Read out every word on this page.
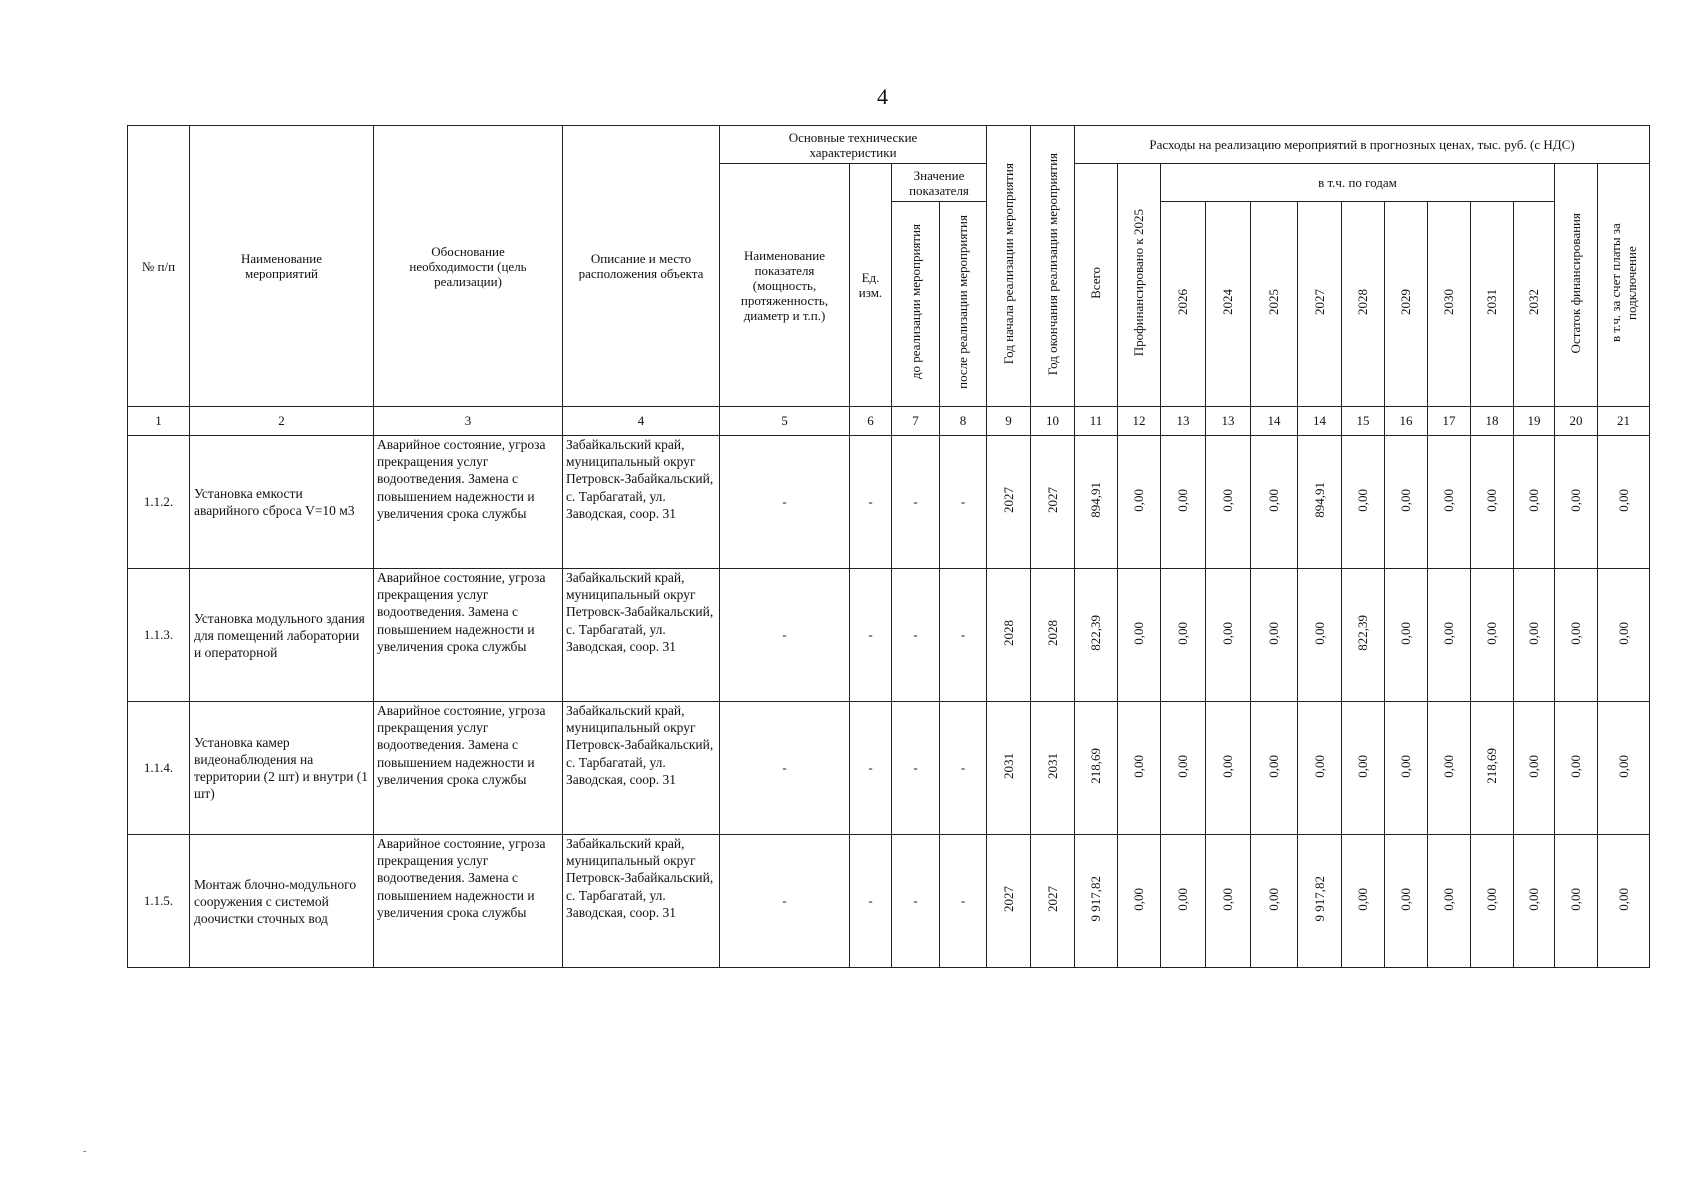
4
№ п/п	Наименование мероприятий	Обоснование необходимости (цель реализации)	Описание и место расположения объекта	Основные технические характеристики				Год начала реализации мероприятия	Год окончания реализации мероприятия	Расходы на реализацию мероприятий в прогнозных ценах, тыс. руб. (с НДС)												
				Наименование показателя (мощность, протяженность, диаметр и т.п.)	Ед. изм.	Значение показателя				Всего	Профинансировано к 2025	в т.ч. по годам									Остаток финансирования	в т.ч. за счет платы за подключение
						до реализации мероприятия	после реализации мероприятия															
												2026	2024	2025	2027	2028	2029	2030	2031	2032		
1	2	3	4	5	6	7	8	9	10	11	12	13	13	14	14	15	16	17	18	19	20	21
1.1.2.	Установка емкости аварийного сброса V=10 м3	Аварийное состояние, угроза прекращения услуг водоотведения. Замена с повышением надежности и увеличения срока службы	Забайкальский край, муниципальный округ Петровск-Забайкальский, с. Тарбагатай, ул. Заводская, соор. 31	-	-	-	-	2027	2027	894,91	0,00	0,00	0,00	0,00	894,91	0,00	0,00	0,00	0,00	0,00	0,00	0,00
1.1.3.	Установка модульного здания для помещений лаборатории и операторной	Аварийное состояние, угроза прекращения услуг водоотведения. Замена с повышением надежности и увеличения срока службы	Забайкальский край, муниципальный округ Петровск-Забайкальский, с. Тарбагатай, ул. Заводская, соор. 31	-	-	-	-	2028	2028	822,39	0,00	0,00	0,00	0,00	0,00	822,39	0,00	0,00	0,00	0,00	0,00	0,00
1.1.4.	Установка камер видеонаблюдения на территории (2 шт) и внутри (1 шт)	Аварийное состояние, угроза прекращения услуг водоотведения. Замена с повышением надежности и увеличения срока службы	Забайкальский край, муниципальный округ Петровск-Забайкальский, с. Тарбагатай, ул. Заводская, соор. 31	-	-	-	-	2031	2031	218,69	0,00	0,00	0,00	0,00	0,00	0,00	0,00	0,00	218,69	0,00	0,00	0,00
1.1.5.	Монтаж блочно-модульного сооружения с системой доочистки сточных вод	Аварийное состояние, угроза прекращения услуг водоотведения. Замена с повышением надежности и увеличения срока службы	Забайкальский край, муниципальный округ Петровск-Забайкальский, с. Тарбагатай, ул. Заводская, соор. 31	-	-	-	-	2027	2027	9 917,82	0,00	0,00	0,00	0,00	9 917,82	0,00	0,00	0,00	0,00	0,00	0,00	0,00
-
